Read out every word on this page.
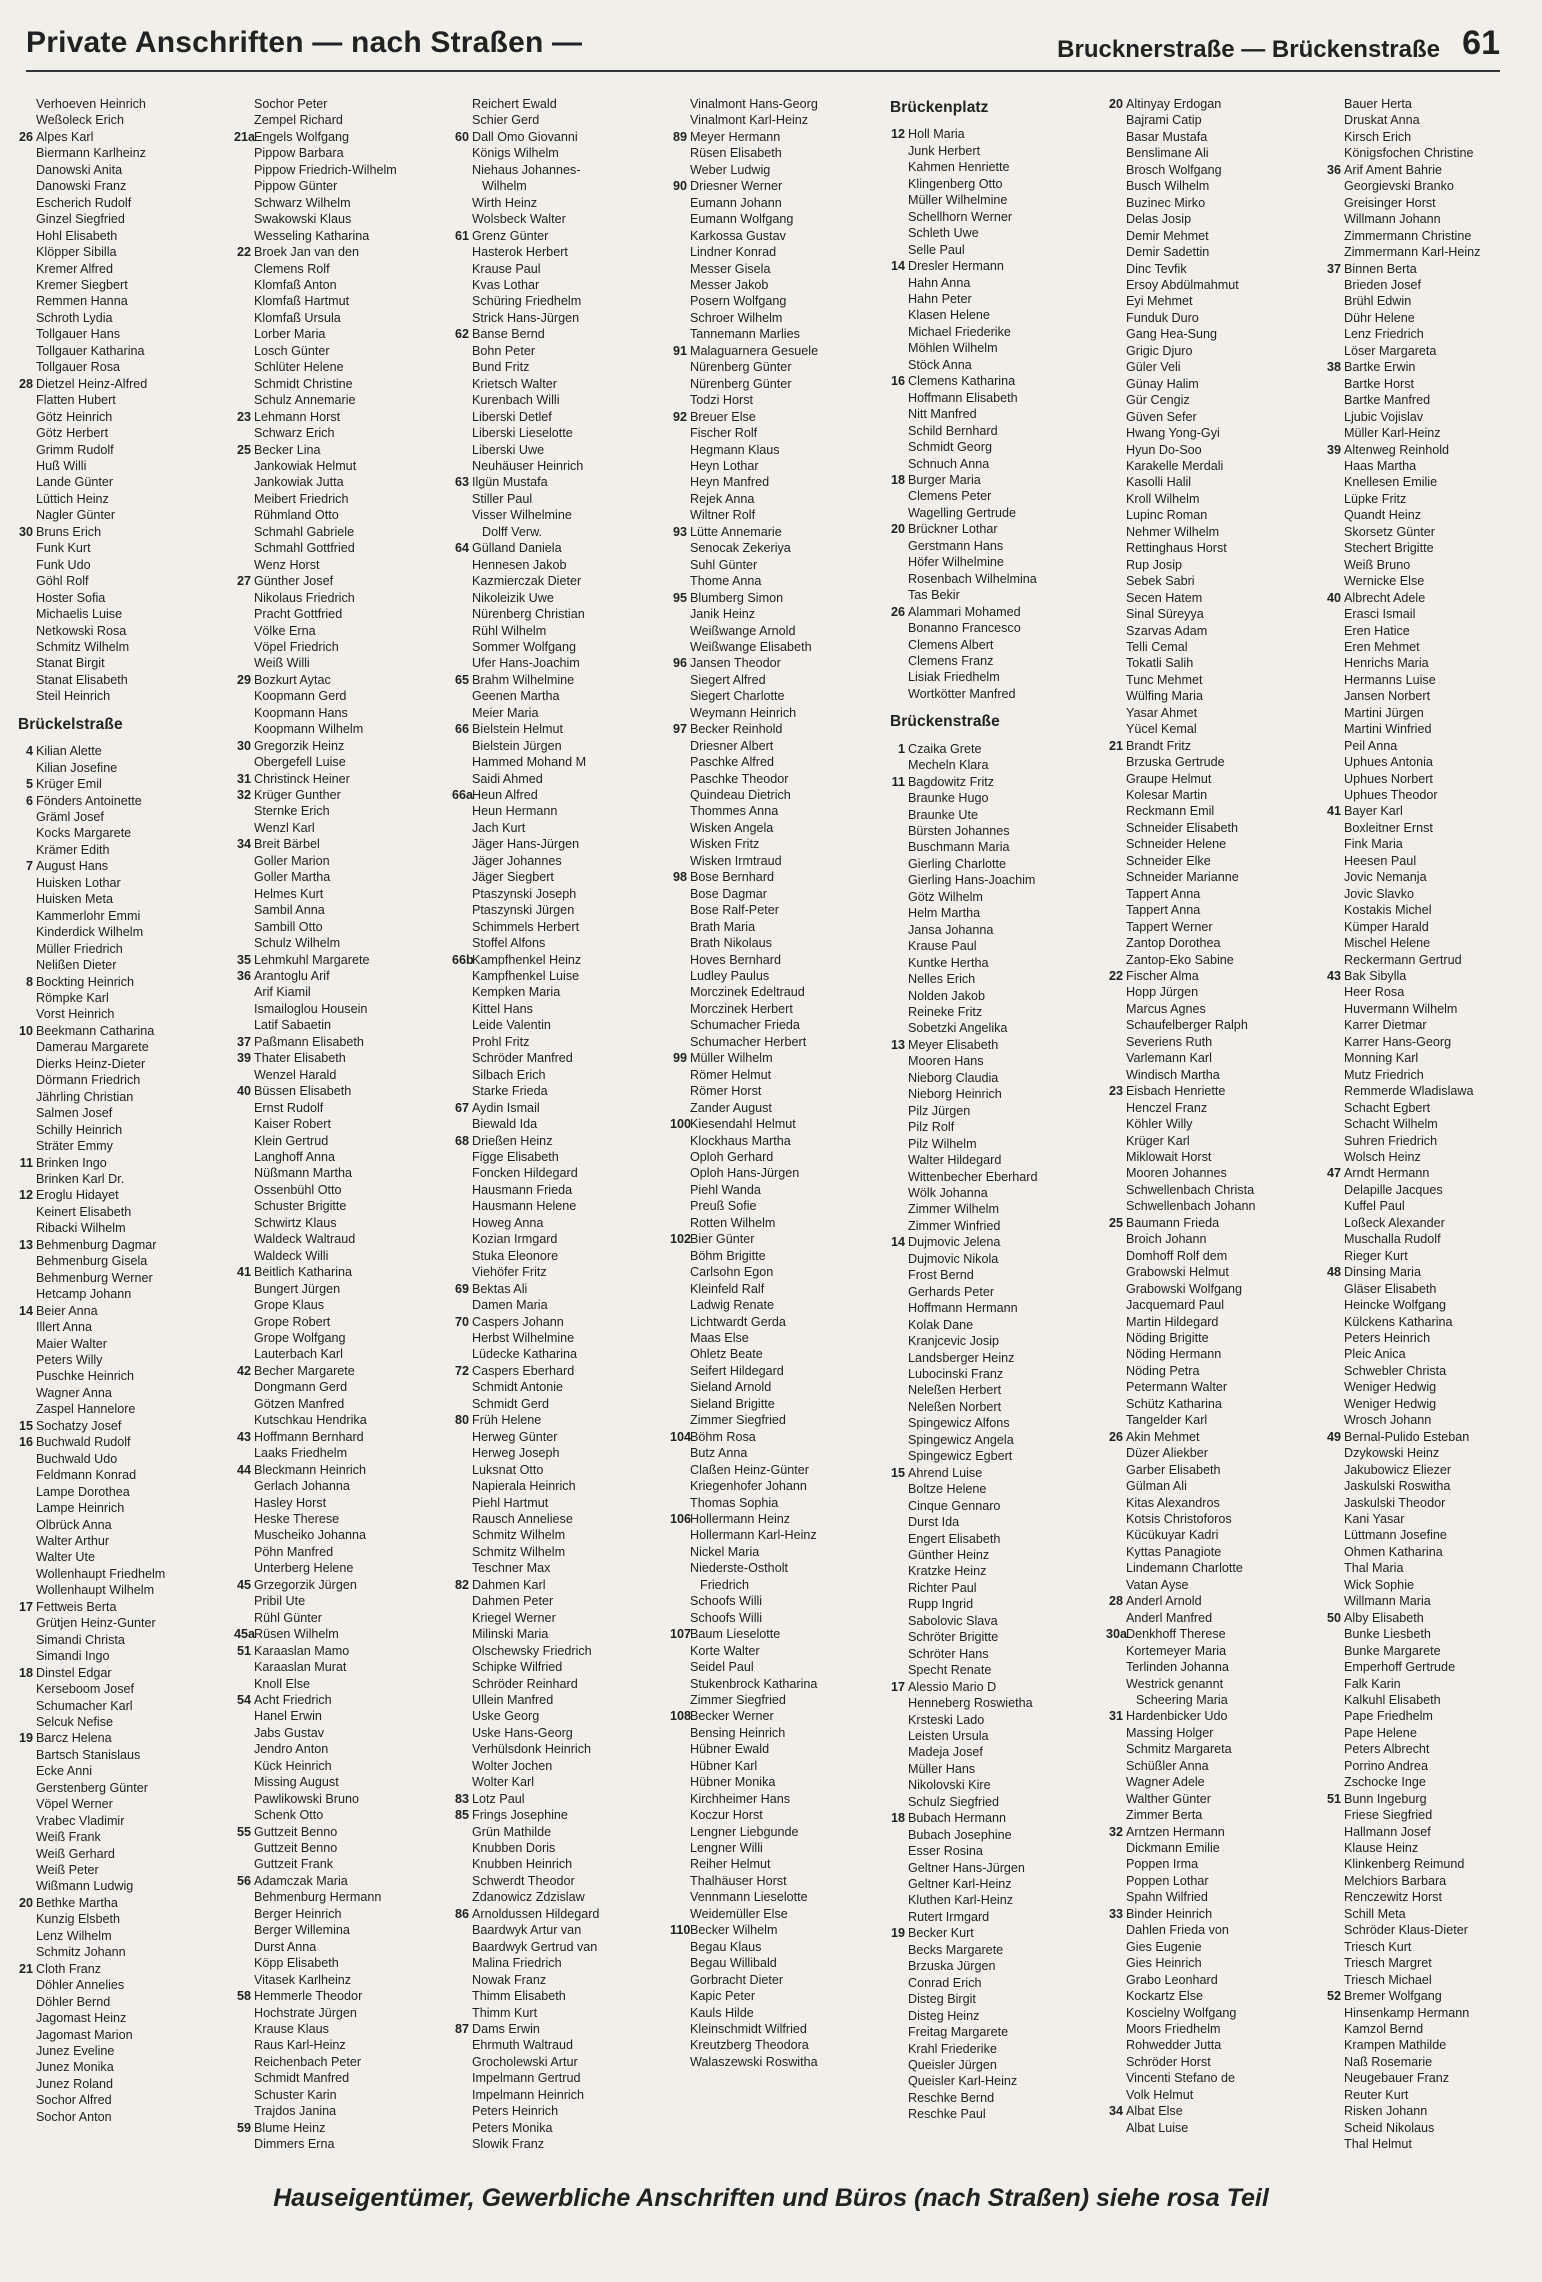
Private Anschriften — nach Straßen —	Brucknerstraße — Brückenstraße 61
Verhoeven Heinrich
Weßoleck Erich
26 Alpes Karl
Biermann Karlheinz
Danowski Anita
Danowski Franz
Escherich Rudolf
Ginzel Siegfried
Hohl Elisabeth
Klöpper Sibilla
Kremer Alfred
Kremer Siegbert
Remmen Hanna
Schroth Lydia
Tollgauer Hans
Tollgauer Katharina
Tollgauer Rosa
28 Dietzel Heinz-Alfred
Flatten Hubert
Götz Heinrich
Götz Herbert
Grimm Rudolf
Huß Willi
Lande Günter
Lüttich Heinz
Nagler Günter
30 Bruns Erich
Funk Kurt
Funk Udo
Göhl Rolf
Hoster Sofia
Michaelis Luise
Netkowski Rosa
Schmitz Wilhelm
Stanat Birgit
Stanat Elisabeth
Steil Heinrich
Brückelstraße
4 Kilian Alette
Kilian Josefine
5 Krüger Emil
6 Fönders Antoinette
Gräml Josef
Kocks Margarete
Krämer Edith
7 August Hans
Huisken Lothar
Huisken Meta
Kammerlohr Emmi
Kinderdick Wilhelm
Müller Friedrich
Nelißen Dieter
8 Bockting Heinrich
Römpke Karl
Vorst Heinrich
10 Beekmann Catharina
Damerau Margarete
Dierks Heinz-Dieter
Dörmann Friedrich
Jährling Christian
Salmen Josef
Schilly Heinrich
Sträter Emmy
11 Brinken Ingo
Brinken Karl Dr.
12 Eroglu Hidayet
Keinert Elisabeth
Ribacki Wilhelm
13 Behmenburg Dagmar
Behmenburg Gisela
Behmenburg Werner
Hetcamp Johann
14 Beier Anna
Illert Anna
Maier Walter
Peters Willy
Puschke Heinrich
Wagner Anna
Zaspel Hannelore
15 Sochatzy Josef
16 Buchwald Rudolf
Buchwald Udo
Feldmann Konrad
Lampe Dorothea
Lampe Heinrich
Olbrück Anna
Walter Arthur
Walter Ute
Wollenhaupt Friedhelm
Wollenhaupt Wilhelm
17 Fettweis Berta
Grütjen Heinz-Gunter
Simandi Christa
Simandi Ingo
18 Dinstel Edgar
Kerseboom Josef
Schumacher Karl
Selcuk Nefise
19 Barcz Helena
Bartsch Stanislaus
Ecke Anni
Gerstenberg Günter
Vöpel Werner
Vrabec Vladimir
Weiß Frank
Weiß Gerhard
Weiß Peter
Wißmann Ludwig
20 Bethke Martha
Kunzig Elsbeth
Lenz Wilhelm
Schmitz Johann
21 Cloth Franz
Döhler Annelies
Döhler Bernd
Jagomast Heinz
Jagomast Marion
Junez Eveline
Junez Monika
Junez Roland
Sochor Alfred
Sochor Anton
Sochor Peter
Zempel Richard
21a
Engels Wolfgang
Pippow Barbara
Pippow Friedrich-Wilhelm
Pippow Günter
Schwarz Wilhelm
Swakowski Klaus
Wesseling Katharina
22 Broek Jan van den
Clemens Rolf
Klomfaß Anton
Klomfaß Hartmut
Klomfaß Ursula
Lorber Maria
Losch Günter
Schlüter Helene
Schmidt Christine
Schulz Annemarie
23 Lehmann Horst
Schwarz Erich
25 Becker Lina
Jankowiak Helmut
Jankowiak Jutta
Meibert Friedrich
Rühmland Otto
Schmahl Gabriele
Schmahl Gottfried
Wenz Horst
27 Günther Josef
Nikolaus Friedrich
Pracht Gottfried
Völke Erna
Vöpel Friedrich
Weiß Willi
29 Bozkurt Aytac
Koopmann Gerd
Koopmann Hans
Koopmann Wilhelm
30 Gregorzik Heinz
Obergefell Luise
31 Christinck Heiner
32 Krüger Gunther
Sternke Erich
Wenzl Karl
34 Breit Bärbel
Goller Marion
Goller Martha
Helmes Kurt
Sambil Anna
Sambill Otto
Schulz Wilhelm
35 Lehmkuhl Margarete
36 Arantoglu Arif
Arif Kiamil
Ismailoglou Housein
Latif Sabaetin
37 Paßmann Elisabeth
39 Thater Elisabeth
Wenzel Harald
40 Büssen Elisabeth
Ernst Rudolf
Kaiser Robert
Klein Gertrud
Langhoff Anna
Nüßmann Martha
Ossenbühl Otto
Schuster Brigitte
Schwirtz Klaus
Waldeck Waltraud
Waldeck Willi
41 Beitlich Katharina
Bungert Jürgen
Grope Klaus
Grope Robert
Grope Wolfgang
Lauterbach Karl
42 Becher Margarete
Dongmann Gerd
Götzen Manfred
Kutschkau Hendrika
43 Hoffmann Bernhard
Laaks Friedhelm
44 Bleckmann Heinrich
Gerlach Johanna
Hasley Horst
Heske Therese
Muscheiko Johanna
Pöhn Manfred
Unterberg Helene
45 Grzegorzik Jürgen
Pribil Ute
Rühl Günter
45a
Rüsen Wilhelm
51 Karaaslan Mamo
Karaaslan Murat
Knoll Else
54 Acht Friedrich
Hanel Erwin
Jabs Gustav
Jendro Anton
Kück Heinrich
Missing August
Pawlikowski Bruno
Schenk Otto
55 Guttzeit Benno
Guttzeit Benno
Guttzeit Frank
56 Adamczak Maria
Behmenburg Hermann
Berger Heinrich
Berger Willemina
Durst Anna
Köpp Elisabeth
Vitasek Karlheinz
58 Hemmerle Theodor
Hochstrate Jürgen
Krause Klaus
Raus Karl-Heinz
Reichenbach Peter
Schmidt Manfred
Schuster Karin
Trajdos Janina
59 Blume Heinz
Dimmers Erna
Reichert Ewald
Schier Gerd
60 Dall Omo Giovanni
Königs Wilhelm
Niehaus Johannes-
Wilhelm
Wirth Heinz
Wolsbeck Walter
61 Grenz Günter
Hasterok Herbert
Krause Paul
Kvas Lothar
Schüring Friedhelm
Strick Hans-Jürgen
62 Banse Bernd
Bohn Peter
Bund Fritz
Krietsch Walter
Kurenbach Willi
Liberski Detlef
Liberski Lieselotte
Liberski Uwe
Neuhäuser Heinrich
63 Ilgün Mustafa
Stiller Paul
Visser Wilhelmine
Dolff Verw.
64 Gülland Daniela
Hennesen Jakob
Kazmierczak Dieter
Nikoleizik Uwe
Nürenberg Christian
Rühl Wilhelm
Sommer Wolfgang
Ufer Hans-Joachim
65 Brahm Wilhelmine
Geenen Martha
Meier Maria
66 Bielstein Helmut
Bielstein Jürgen
Hammed Mohand M
Saidi Ahmed
66a
Heun Alfred
Heun Hermann
Jach Kurt
Jäger Hans-Jürgen
Jäger Johannes
Jäger Siegbert
Ptaszynski Joseph
Ptaszynski Jürgen
Schimmels Herbert
Stoffel Alfons
66b
Kampfhenkel Heinz
Kampfhenkel Luise
Kempken Maria
Kittel Hans
Leide Valentin
Prohl Fritz
Schröder Manfred
Silbach Erich
Starke Frieda
67 Aydin Ismail
Biewald Ida
68 Drießen Heinz
Figge Elisabeth
Foncken Hildegard
Hausmann Frieda
Hausmann Helene
Howeg Anna
Kozian Irmgard
Stuka Eleonore
Viehöfer Fritz
69 Bektas Ali
Damen Maria
70 Caspers Johann
Herbst Wilhelmine
Lüdecke Katharina
72 Caspers Eberhard
Schmidt Antonie
Schmidt Gerd
80 Früh Helene
Herweg Günter
Herweg Joseph
Luksnat Otto
Napierala Heinrich
Piehl Hartmut
Rausch Anneliese
Schmitz Wilhelm
Schmitz Wilhelm
Teschner Max
82 Dahmen Karl
Dahmen Peter
Kriegel Werner
Milinski Maria
Olschewsky Friedrich
Schipke Wilfried
Schröder Reinhard
Ullein Manfred
Uske Georg
Uske Hans-Georg
Verhülsdonk Heinrich
Wolter Jochen
Wolter Karl
83 Lotz Paul
85 Frings Josephine
Grün Mathilde
Knubben Doris
Knubben Heinrich
Schwerdt Theodor
Zdanowicz Zdzislaw
86 Arnoldussen Hildegard
Baardwyk Artur van
Baardwyk Gertrud van
Malina Friedrich
Nowak Franz
Thimm Elisabeth
Thimm Kurt
87 Dams Erwin
Ehrmuth Waltraud
Grocholewski Artur
Impelmann Gertrud
Impelmann Heinrich
Peters Heinrich
Peters Monika
Slowik Franz
Vinalmont Hans-Georg
Vinalmont Karl-Heinz
89 Meyer Hermann
Rüsen Elisabeth
Weber Ludwig
90 Driesner Werner
Eumann Johann
Eumann Wolfgang
Karkossa Gustav
Lindner Konrad
Messer Gisela
Messer Jakob
Posern Wolfgang
Schroer Wilhelm
Tannemann Marlies
91 Malaguarnera Gesuele
Nürenberg Günter
Nürenberg Günter
Todzi Horst
92 Breuer Else
Fischer Rolf
Hegmann Klaus
Heyn Lothar
Heyn Manfred
Rejek Anna
Wiltner Rolf
93 Lütte Annemarie
Senocak Zekeriya
Suhl Günter
Thome Anna
95 Blumberg Simon
Janik Heinz
Weißwange Arnold
Weißwange Elisabeth
96 Jansen Theodor
Siegert Alfred
Siegert Charlotte
Weymann Heinrich
97 Becker Reinhold
Driesner Albert
Paschke Alfred
Paschke Theodor
Quindeau Dietrich
Thommes Anna
Wisken Angela
Wisken Fritz
Wisken Irmtraud
98 Bose Bernhard
Bose Dagmar
Bose Ralf-Peter
Brath Maria
Brath Nikolaus
Hoves Bernhard
Ludley Paulus
Morczinek Edeltraud
Morczinek Herbert
Schumacher Frieda
Schumacher Herbert
99 Müller Wilhelm
Römer Helmut
Römer Horst
Zander August
100
Kiesendahl Helmut
Klockhaus Martha
Oploh Gerhard
Oploh Hans-Jürgen
Piehl Wanda
Preuß Sofie
Rotten Wilhelm
102
Bier Günter
Böhm Brigitte
Carlsohn Egon
Kleinfeld Ralf
Ladwig Renate
Lichtwardt Gerda
Maas Else
Ohletz Beate
Seifert Hildegard
Sieland Arnold
Sieland Brigitte
Zimmer Siegfried
104
Böhm Rosa
Butz Anna
Claßen Heinz-Günter
Kriegenhofer Johann
Thomas Sophia
106
Hollermann Heinz
Hollermann Karl-Heinz
Nickel Maria
Niederste-Ostholt
Friedrich
Schoofs Willi
Schoofs Willi
107
Baum Lieselotte
Korte Walter
Seidel Paul
Stukenbrock Katharina
Zimmer Siegfried
108
Becker Werner
Bensing Heinrich
Hübner Ewald
Hübner Karl
Hübner Monika
Kirchheimer Hans
Koczur Horst
Lengner Liebgunde
Lengner Willi
Reiher Helmut
Thalhäuser Horst
Vennmann Lieselotte
Weidemüller Else
110 Becker Wilhelm
Begau Klaus
Begau Willibald
Gorbracht Dieter
Kapic Peter
Kauls Hilde
Kleinschmidt Wilfried
Kreutzberg Theodora
Walaszewski Roswitha
Brückenplatz
12 Holl Maria
Junk Herbert
Kahmen Henriette
Klingenberg Otto
Müller Wilhelmine
Schellhorn Werner
Schleth Uwe
Selle Paul
14 Dresler Hermann
Hahn Anna
Hahn Peter
Klasen Helene
Michael Friederike
Möhlen Wilhelm
Stöck Anna
16 Clemens Katharina
Hoffmann Elisabeth
Nitt Manfred
Schild Bernhard
Schmidt Georg
Schnuch Anna
18 Burger Maria
Clemens Peter
Wagelling Gertrude
20 Brückner Lothar
Gerstmann Hans
Höfer Wilhelmine
Rosenbach Wilhelmina
Tas Bekir
26 Alammari Mohamed
Bonanno Francesco
Clemens Albert
Clemens Franz
Lisiak Friedhelm
Wortkötter Manfred
Brückenstraße
1 Czaika Grete
Mecheln Klara
11 Bagdowitz Fritz
Braunke Hugo
Braunke Ute
Bürsten Johannes
Buschmann Maria
Gierling Charlotte
Gierling Hans-Joachim
Götz Wilhelm
Helm Martha
Jansa Johanna
Krause Paul
Kuntke Hertha
Nelles Erich
Nolden Jakob
Reineke Fritz
Sobetzki Angelika
13 Meyer Elisabeth
Mooren Hans
Nieborg Claudia
Nieborg Heinrich
Pilz Jürgen
Pilz Rolf
Pilz Wilhelm
Walter Hildegard
Wittenbecher Eberhard
Wölk Johanna
Zimmer Wilhelm
Zimmer Winfried
14 Dujmovic Jelena
Dujmovic Nikola
Frost Bernd
Gerhards Peter
Hoffmann Hermann
Kolak Dane
Kranjcevic Josip
Landsberger Heinz
Lubocinski Franz
Neleßen Herbert
Neleßen Norbert
Spingewicz Alfons
Spingewicz Angela
Spingewicz Egbert
15 Ahrend Luise
Boltze Helene
Cinque Gennaro
Durst Ida
Engert Elisabeth
Günther Heinz
Kratzke Heinz
Richter Paul
Rupp Ingrid
Sabolovic Slava
Schröter Brigitte
Schröter Hans
Specht Renate
17 Alessio Mario D
Henneberg Roswietha
Krsteski Lado
Leisten Ursula
Madeja Josef
Müller Hans
Nikolovski Kire
Schulz Siegfried
18 Bubach Hermann
Bubach Josephine
Esser Rosina
Geltner Hans-Jürgen
Geltner Karl-Heinz
Kluthen Karl-Heinz
Rutert Irmgard
19 Becker Kurt
Becks Margarete
Brzuska Jürgen
Conrad Erich
Disteg Birgit
Disteg Heinz
Freitag Margarete
Krahl Friederike
Queisler Jürgen
Queisler Karl-Heinz
Reschke Bernd
Reschke Paul
20 Altinyay Erdogan
Bajrami Catip
Basar Mustafa
Benslimane Ali
Brosch Wolfgang
Busch Wilhelm
Buzinec Mirko
Delas Josip
Demir Mehmet
Demir Sadettin
Dinc Tevfik
Ersoy Abdülmahmut
Eyi Mehmet
Funduk Duro
Gang Hea-Sung
Grigic Djuro
Güler Veli
Günay Halim
Gür Cengiz
Güven Sefer
Hwang Yong-Gyi
Hyun Do-Soo
Karakelle Merdali
Kasolli Halil
Kroll Wilhelm
Lupinc Roman
Nehmer Wilhelm
Rettinghaus Horst
Rup Josip
Sebek Sabri
Secen Hatem
Sinal Süreyya
Szarvas Adam
Telli Cemal
Tokatli Salih
Tunc Mehmet
Wülfing Maria
Yasar Ahmet
Yücel Kemal
21 Brandt Fritz
Brzuska Gertrude
Graupe Helmut
Kolesar Martin
Reckmann Emil
Schneider Elisabeth
Schneider Helene
Schneider Elke
Schneider Marianne
Tappert Anna
Tappert Anna
Tappert Werner
Zantop Dorothea
Zantop-Eko Sabine
22 Fischer Alma
Hopp Jürgen
Marcus Agnes
Schaufelberger Ralph
Severiens Ruth
Varlemann Karl
Windisch Martha
23 Eisbach Henriette
Henczel Franz
Köhler Willy
Krüger Karl
Miklowait Horst
Mooren Johannes
Schwellenbach Christa
Schwellenbach Johann
25 Baumann Frieda
Broich Johann
Domhoff Rolf dem
Grabowski Helmut
Grabowski Wolfgang
Jacquemard Paul
Martin Hildegard
Nöding Brigitte
Nöding Hermann
Nöding Petra
Petermann Walter
Schütz Katharina
Tangelder Karl
26 Akin Mehmet
Düzer Aliekber
Garber Elisabeth
Gülman Ali
Kitas Alexandros
Kotsis Christoforos
Kücükuyar Kadri
Kyttas Panagiote
Lindemann Charlotte
Vatan Ayse
28 Anderl Arnold
Anderl Manfred
30a
Denkhoff Therese
Kortemeyer Maria
Terlinden Johanna
Westrick genannt
Scheering Maria
31 Hardenbicker Udo
Massing Holger
Schmitz Margareta
Schüßler Anna
Wagner Adele
Walther Günter
Zimmer Berta
32 Arntzen Hermann
Dickmann Emilie
Poppen Irma
Poppen Lothar
Spahn Wilfried
33 Binder Heinrich
Dahlen Frieda von
Gies Eugenie
Gies Heinrich
Grabo Leonhard
Kockartz Else
Koscielny Wolfgang
Moors Friedhelm
Rohwedder Jutta
Schröder Horst
Vincenti Stefano de
Volk Helmut
34 Albat Else
Albat Luise
Bauer Herta
Druskat Anna
Kirsch Erich
Königsfochen Christine
36 Arif Ament Bahrie
Georgievski Branko
Greisinger Horst
Willmann Johann
Zimmermann Christine
Zimmermann Karl-Heinz
37 Binnen Berta
Brieden Josef
Brühl Edwin
Dühr Helene
Lenz Friedrich
Löser Margareta
38 Bartke Erwin
Bartke Horst
Bartke Manfred
Ljubic Vojislav
Müller Karl-Heinz
39 Altenweg Reinhold
Haas Martha
Knellesen Emilie
Lüpke Fritz
Quandt Heinz
Skorsetz Günter
Stechert Brigitte
Weiß Bruno
Wernicke Else
40 Albrecht Adele
Erasci Ismail
Eren Hatice
Eren Mehmet
Henrichs Maria
Hermanns Luise
Jansen Norbert
Martini Jürgen
Martini Winfried
Peil Anna
Uphues Antonia
Uphues Norbert
Uphues Theodor
41 Bayer Karl
Boxleitner Ernst
Fink Maria
Heesen Paul
Jovic Nemanja
Jovic Slavko
Kostakis Michel
Kümper Harald
Mischel Helene
Reckermann Gertrud
43 Bak Sibylla
Heer Rosa
Huvermann Wilhelm
Karrer Dietmar
Karrer Hans-Georg
Monning Karl
Mutz Friedrich
Remmerde Wladislawa
Schacht Egbert
Schacht Wilhelm
Suhren Friedrich
Wolsch Heinz
47 Arndt Hermann
Delapille Jacques
Kuffel Paul
Loßeck Alexander
Muschalla Rudolf
Rieger Kurt
48 Dinsing Maria
Gläser Elisabeth
Heincke Wolfgang
Külckens Katharina
Peters Heinrich
Pleic Anica
Schwebler Christa
Weniger Hedwig
Weniger Hedwig
Wrosch Johann
49 Bernal-Pulido Esteban
Dzykowski Heinz
Jakubowicz Eliezer
Jaskulski Roswitha
Jaskulski Theodor
Kani Yasar
Lüttmann Josefine
Ohmen Katharina
Thal Maria
Wick Sophie
Willmann Maria
50 Alby Elisabeth
Bunke Liesbeth
Bunke Margarete
Emperhoff Gertrude
Falk Karin
Kalkuhl Elisabeth
Pape Friedhelm
Pape Helene
Peters Albrecht
Porrino Andrea
Zschocke Inge
51 Bunn Ingeburg
Friese Siegfried
Hallmann Josef
Klause Heinz
Klinkenberg Reimund
Melchiors Barbara
Renczewitz Horst
Schill Meta
Schröder Klaus-Dieter
Triesch Kurt
Triesch Margret
Triesch Michael
52 Bremer Wolfgang
Hinsenkamp Hermann
Kamzol Bernd
Krampen Mathilde
Naß Rosemarie
Neugebauer Franz
Reuter Kurt
Risken Johann
Scheid Nikolaus
Thal Helmut
Hauseigentümer, Gewerbliche Anschriften und Büros (nach Straßen) siehe rosa Teil
